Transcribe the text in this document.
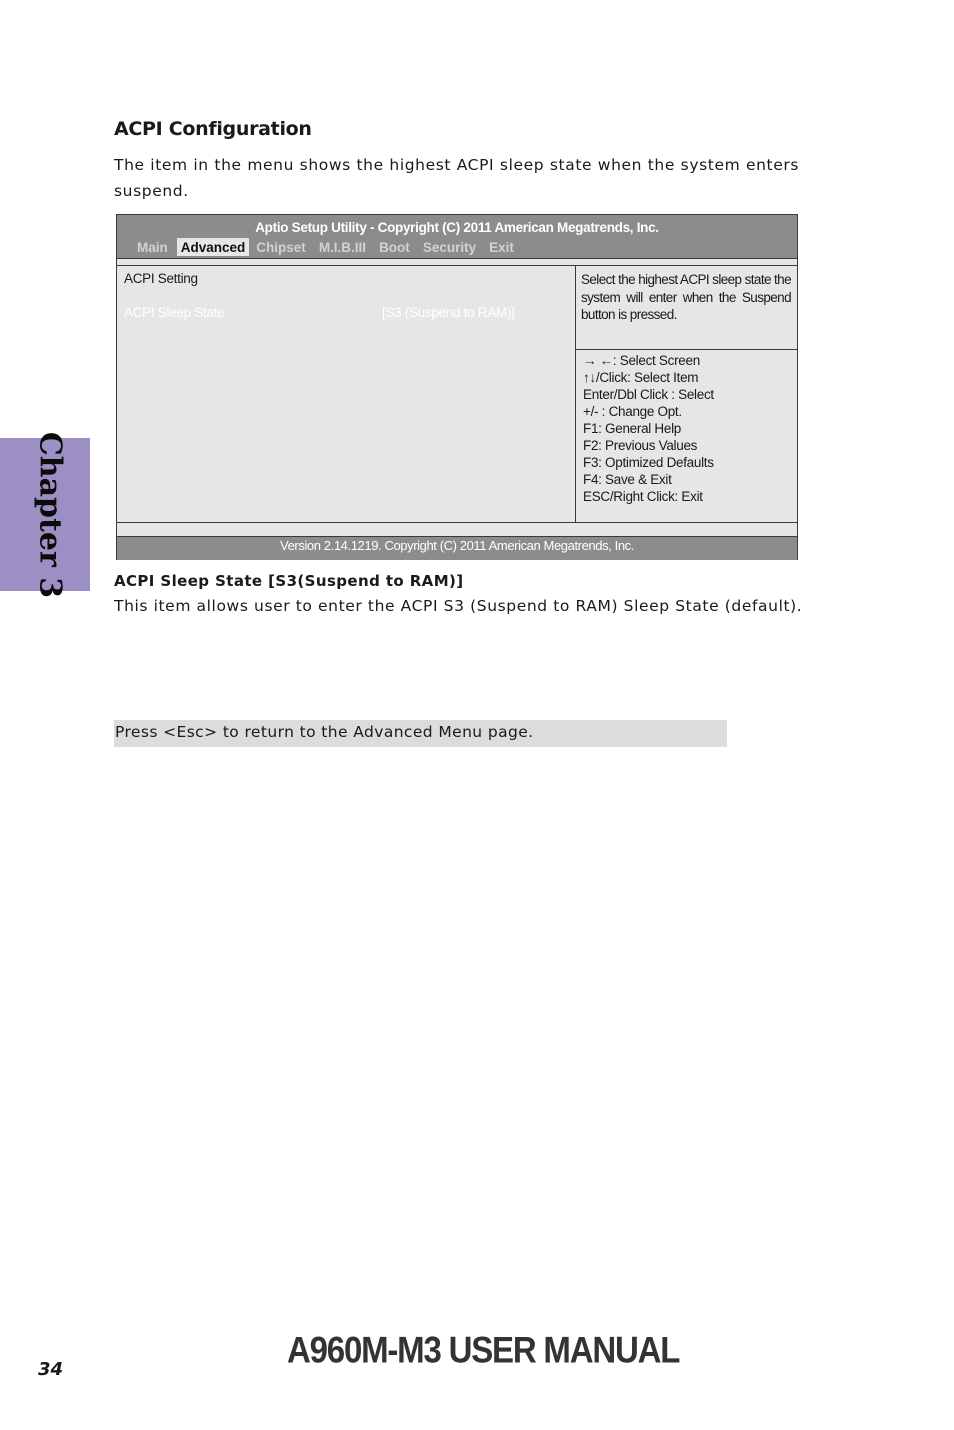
ACPI Configuration

The item in the menu shows the highest ACPI sleep state when the system enters suspend.

Aptio Setup Utility - Copyright (C) 2011 American Megatrends, Inc.
Main Advanced Chipset M.I.B.III Boot Security Exit
ACPI Setting
ACPI Sleep State	[S3 (Suspend to RAM)]

Select the highest ACPI sleep state the system will enter when the Suspend button is pressed.

→ ←: Select Screen
↑↓/Click: Select Item
Enter/Dbl Click : Select
+/- : Change Opt.
F1: General Help
F2: Previous Values
F3: Optimized Defaults
F4: Save & Exit
ESC/Right Click: Exit
Version 2.14.1219. Copyright (C) 2011 American Megatrends, Inc.
ACPI Sleep State [S3(Suspend to RAM)]

This item allows user to enter the ACPI S3 (Suspend to RAM) Sleep State (default).

Press <Esc> to return to the Advanced Menu page.
Chapter 3
34	A960M-M3 USER MANUAL
